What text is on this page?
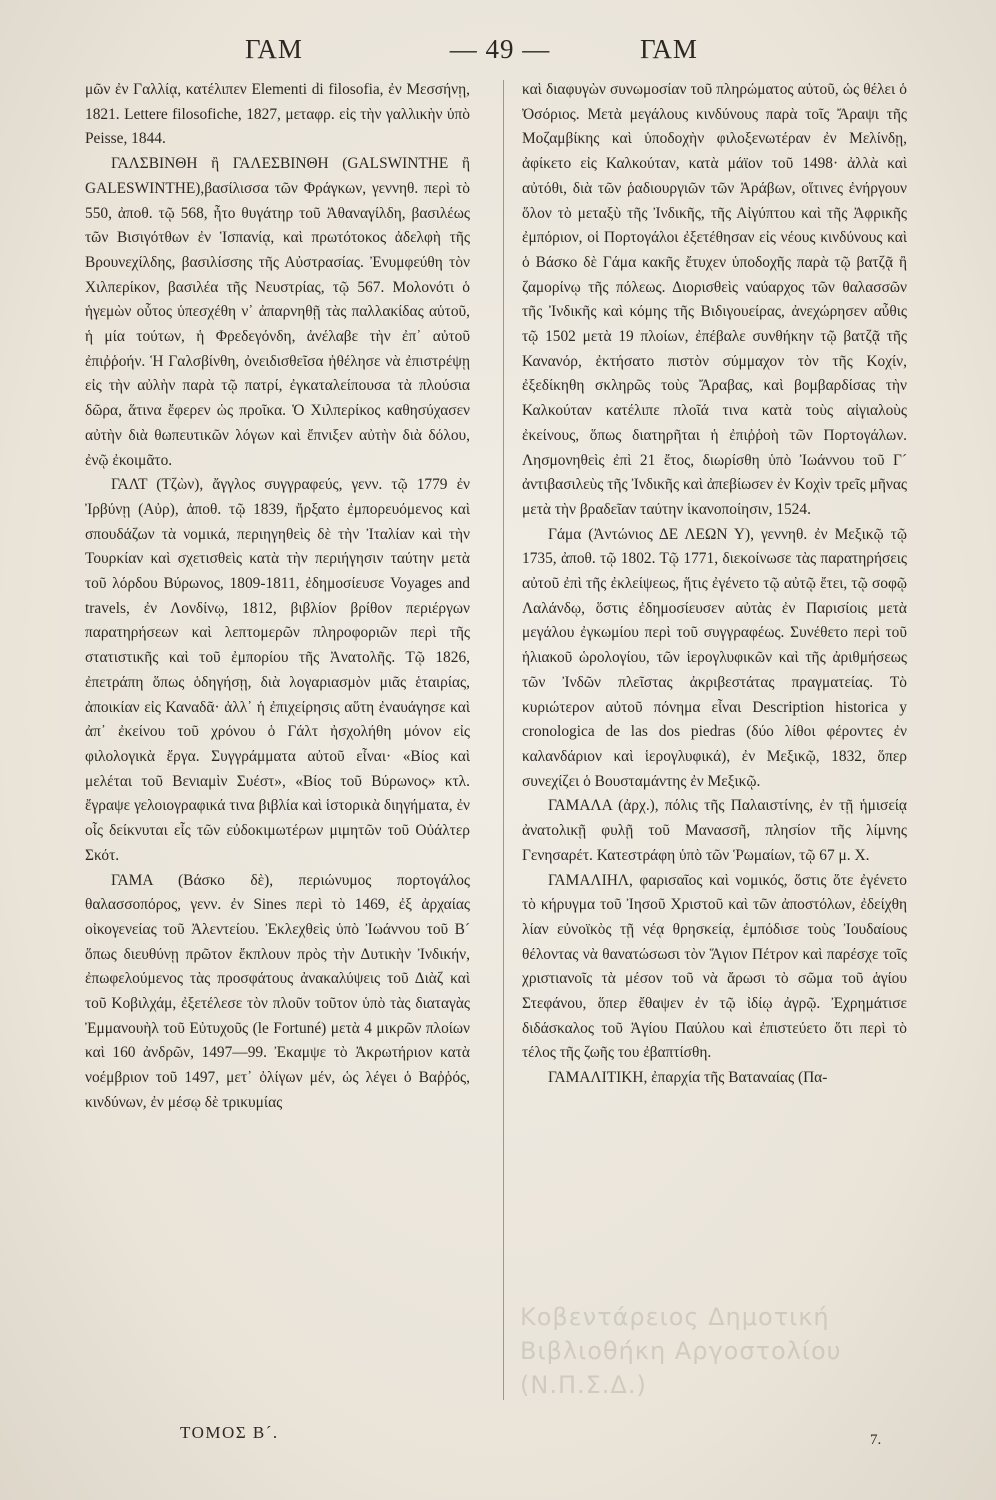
ΓΑΜ	— 49 —	ΓΑΜ

μῶν ἐν Γαλλίᾳ, κατέλιπεν Elementi di filosofia, ἐν Μεσσήνῃ, 1821. Lettere filosofiche, 1827, μεταφρ. εἰς τὴν γαλλικὴν ὑπὸ Peisse, 1844.

ΓΑΛΣΒΙΝΘΗ ἢ ΓΑΛΕΣΒΙΝΘΗ (GALSWINTHE ἢ GALESWINTHE),βασίλισσα τῶν Φράγκων, γεννηθ. περὶ τὸ 550, ἀποθ. τῷ 568, ἦτο θυγάτηρ τοῦ Ἀθαναγίλδη, βασιλέως τῶν Βισιγότθων ἐν Ἱσπανίᾳ, καὶ πρωτότοκος ἀδελφὴ τῆς Βρουνεχίλδης, βασιλίσσης τῆς Αὐστρασίας. Ἐνυμφεύθη τὸν Χιλπερίκον, βασιλέα τῆς Νευστρίας, τῷ 567. Μολονότι ὁ ἡγεμὼν οὗτος ὑπεσχέθη ν᾽ ἀπαρνηθῇ τὰς παλλακίδας αὑτοῦ, ἡ μία τούτων, ἡ Φρεδεγόνδη, ἀνέλαβε τὴν ἐπ᾽ αὐτοῦ ἐπιῤῥοήν. Ἡ Γαλσβίνθη, ὀνειδισθεῖσα ἠθέλησε νὰ ἐπιστρέψῃ εἰς τὴν αὐλὴν παρὰ τῷ πατρί, ἐγκαταλείπουσα τὰ πλούσια δῶρα, ἅτινα ἔφερεν ὡς προῖκα. Ὁ Χιλπερίκος καθησύχασεν αὐτὴν διὰ θωπευτικῶν λόγων καὶ ἔπνιξεν αὐτὴν διὰ δόλου, ἐνῷ ἐκοιμᾶτο.

ΓΑΛΤ (Τζὼν), ἄγγλος συγγραφεύς, γενν. τῷ 1779 ἐν Ἰρβύνῃ (Αὐρ), ἀποθ. τῷ 1839, ἤρξατο ἐμπορευόμενος καὶ σπουδάζων τὰ νομικά, περιηγηθεὶς δὲ τὴν Ἰταλίαν καὶ τὴν Τουρκίαν καὶ σχετισθεὶς κατὰ τὴν περιήγησιν ταύτην μετὰ τοῦ λόρδου Βύρωνος, 1809-1811, ἐδημοσίευσε Voyages and travels, ἐν Λονδίνῳ, 1812, βιβλίον βρίθον περιέργων παρατηρήσεων καὶ λεπτομερῶν πληροφοριῶν περὶ τῆς στατιστικῆς καὶ τοῦ ἐμπορίου τῆς Ἀνατολῆς. Τῷ 1826, ἐπετράπη ὅπως ὁδηγήσῃ, διὰ λογαριασμὸν μιᾶς ἑταιρίας, ἀποικίαν εἰς Καναδᾶ· ἀλλ᾽ ἡ ἐπιχείρησις αὕτη ἐναυάγησε καὶ ἀπ᾽ ἐκείνου τοῦ χρόνου ὁ Γάλτ ἠσχολήθη μόνον εἰς φιλολογικὰ ἔργα. Συγγράμματα αὐτοῦ εἶναι· «Βίος καὶ μελέται τοῦ Βενιαμὶν Συέστ», «Βίος τοῦ Βύρωνος» κτλ. ἔγραψε γελοιογραφικά τινα βιβλία καὶ ἱστορικὰ διηγήματα, ἐν οἷς δείκνυται εἷς τῶν εὐδοκιμωτέρων μιμητῶν τοῦ Οὐάλτερ Σκότ.

ΓΑΜΑ (Βάσκο δὲ), περιώνυμος πορτογάλος θαλασσοπόρος, γενν. ἐν Sines περὶ τὸ 1469, ἐξ ἀρχαίας οἰκογενείας τοῦ Ἀλεντείου. Ἐκλεχθεὶς ὑπὸ Ἰωάννου τοῦ Β´ ὅπως διευθύνῃ πρῶτον ἔκπλουν πρὸς τὴν Δυτικὴν Ἰνδικήν, ἐπωφελούμενος τὰς προσφάτους ἀνακαλύψεις τοῦ Διὰζ καὶ τοῦ Κοβιλχάμ, ἐξετέλεσε τὸν πλοῦν τοῦτον ὑπὸ τὰς διαταγὰς Ἐμμανουὴλ τοῦ Εὐτυχοῦς (le Fortuné) μετὰ 4 μικρῶν πλοίων καὶ 160 ἀνδρῶν, 1497—99. Ἐκαμψε τὸ Ἀκρωτήριον κατὰ νοέμβριον τοῦ 1497, μετ᾽ ὀλίγων μέν, ὡς λέγει ὁ Βαῤῥός, κινδύνων, ἐν μέσῳ δὲ τρικυμίας

καὶ διαφυγὼν συνωμοσίαν τοῦ πληρώματος αὑτοῦ, ὡς θέλει ὁ Ὀσόριος. Μετὰ μεγάλους κινδύνους παρὰ τοῖς Ἄραψι τῆς Μοζαμβίκης καὶ ὑποδοχὴν φιλοξενωτέραν ἐν Μελίνδῃ, ἀφίκετο εἰς Καλκούταν, κατὰ μάϊον τοῦ 1498· ἀλλὰ καὶ αὐτόθι, διὰ τῶν ῥαδιουργιῶν τῶν Ἀράβων, οἵτινες ἐνήργουν ὅλον τὸ μεταξὺ τῆς Ἰνδικῆς, τῆς Αἰγύπτου καὶ τῆς Ἀφρικῆς ἐμπόριον, οἱ Πορτογάλοι ἐξετέθησαν εἰς νέους κινδύνους καὶ ὁ Βάσκο δὲ Γάμα κακῆς ἔτυχεν ὑποδοχῆς παρὰ τῷ βατζᾷ ἢ ζαμορίνῳ τῆς πόλεως. Διορισθεὶς ναύαρχος τῶν θαλασσῶν τῆς Ἰνδικῆς καὶ κόμης τῆς Βιδιγουείρας, ἀνεχώρησεν αὖθις τῷ 1502 μετὰ 19 πλοίων, ἐπέβαλε συνθήκην τῷ βατζᾷ τῆς Κανανόρ, ἐκτήσατο πιστὸν σύμμαχον τὸν τῆς Κοχίν, ἐξεδίκηθη σκληρῶς τοὺς Ἄραβας, καὶ βομβαρδίσας τὴν Καλκούταν κατέλιπε πλοῖά τινα κατὰ τοὺς αἰγιαλοὺς ἐκείνους, ὅπως διατηρῆται ἡ ἐπιῤῥοὴ τῶν Πορτογάλων. Λησμονηθεὶς ἐπὶ 21 ἔτος, διωρίσθη ὑπὸ Ἰωάννου τοῦ Γ´ ἀντιβασιλεὺς τῆς Ἰνδικῆς καὶ ἀπεβίωσεν ἐν Κοχὶν τρεῖς μῆνας μετὰ τὴν βραδεῖαν ταύτην ἱκανοποίησιν, 1524.

Γάμα (Ἀντώνιος ΔΕ ΛΕΩΝ Υ), γεννηθ. ἐν Μεξικῷ τῷ 1735, ἀποθ. τῷ 1802. Τῷ 1771, διεκοίνωσε τὰς παρατηρήσεις αὐτοῦ ἐπὶ τῆς ἐκλείψεως, ἥτις ἐγένετο τῷ αὐτῷ ἔτει, τῷ σοφῷ Λαλάνδῳ, ὅστις ἐδημοσίευσεν αὐτὰς ἐν Παρισίοις μετὰ μεγάλου ἐγκωμίου περὶ τοῦ συγγραφέως. Συνέθετο περὶ τοῦ ἡλιακοῦ ὡρολογίου, τῶν ἱερογλυφικῶν καὶ τῆς ἀριθμήσεως τῶν Ἰνδῶν πλεῖστας ἀκριβεστάτας πραγματείας. Τὸ κυριώτερον αὐτοῦ πόνημα εἶναι Description historica y cronologica de las dos piedras (δύο λίθοι φέροντες ἐν καλανδάριον καὶ ἱερογλυφικά), ἐν Μεξικῷ, 1832, ὅπερ συνεχίζει ὁ Βουσταμάντης ἐν Μεξικῷ.

ΓΑΜΑΛΑ (ἀρχ.), πόλις τῆς Παλαιστίνης, ἐν τῇ ἡμισείᾳ ἀνατολικῇ φυλῇ τοῦ Μανασσῆ, πλησίον τῆς λίμνης Γενησαρέτ. Κατεστράφη ὑπὸ τῶν Ῥωμαίων, τῷ 67 μ. Χ.

ΓΑΜΑΛΙΗΛ, φαρισαῖος καὶ νομικός, ὅστις ὅτε ἐγένετο τὸ κήρυγμα τοῦ Ἰησοῦ Χριστοῦ καὶ τῶν ἀποστόλων, ἐδείχθη λίαν εὐνοϊκὸς τῇ νέᾳ θρησκείᾳ, ἐμπόδισε τοὺς Ἰουδαίους θέλοντας νὰ θανατώσωσι τὸν Ἅγιον Πέτρον καὶ παρέσχε τοῖς χριστιανοῖς τὰ μέσον τοῦ νὰ ἄρωσι τὸ σῶμα τοῦ ἁγίου Στεφάνου, ὅπερ ἔθαψεν ἐν τῷ ἰδίῳ ἀγρῷ. Ἐχρημάτισε διδάσκαλος τοῦ Ἁγίου Παύλου καὶ ἐπιστεύετο ὅτι περὶ τὸ τέλος τῆς ζωῆς του ἐβαπτίσθη.

ΓΑΜΑΛΙΤΙΚΗ, ἐπαρχία τῆς Βαταναίας (Πα-

Κοβεντάρειος Δημοτική Βιβλιοθήκη Αργοστολίου (Ν.Π.Σ.Δ.)
ΤΟΜΟΣ Β´.	7.
